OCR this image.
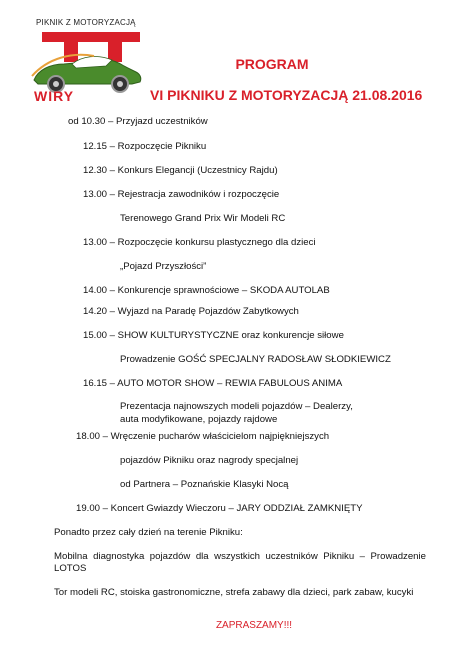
PIKNIK Z MOTORYZACJĄ
WIRY
PROGRAM
VI PIKNIKU Z MOTORYZACJĄ 21.08.2016
od 10.30 – Przyjazd uczestników
12.15 – Rozpoczęcie Pikniku
12.30 – Konkurs Elegancji (Uczestnicy Rajdu)
13.00 – Rejestracja zawodników i rozpoczęcie
Terenowego Grand Prix Wir Modeli RC
13.00 – Rozpoczęcie konkursu plastycznego dla dzieci
„Pojazd Przyszłości”
14.00 – Konkurencje sprawnościowe – SKODA AUTOLAB
14.20 – Wyjazd na Paradę Pojazdów Zabytkowych
15.00 – SHOW KULTURYSTYCZNE oraz konkurencje siłowe
Prowadzenie GOŚĆ SPECJALNY RADOSŁAW SŁODKIEWICZ
16.15 – AUTO MOTOR SHOW – REWIA FABULOUS ANIMA
Prezentacja najnowszych modeli pojazdów – Dealerzy,
auta modyfikowane, pojazdy rajdowe
18.00 – Wręczenie pucharów właścicielom najpiękniejszych
pojazdów Pikniku oraz nagrody specjalnej
od Partnera – Poznańskie Klasyki Nocą
19.00 – Koncert Gwiazdy Wieczoru – JARY ODDZIAŁ ZAMKNIĘTY
Ponadto przez cały dzień na terenie Pikniku:
Mobilna diagnostyka pojazdów dla wszystkich uczestników Pikniku – Prowadzenie LOTOS
Tor modeli RC, stoiska gastronomiczne, strefa zabawy dla dzieci, park zabaw, kucyki
ZAPRASZAMY!!!
